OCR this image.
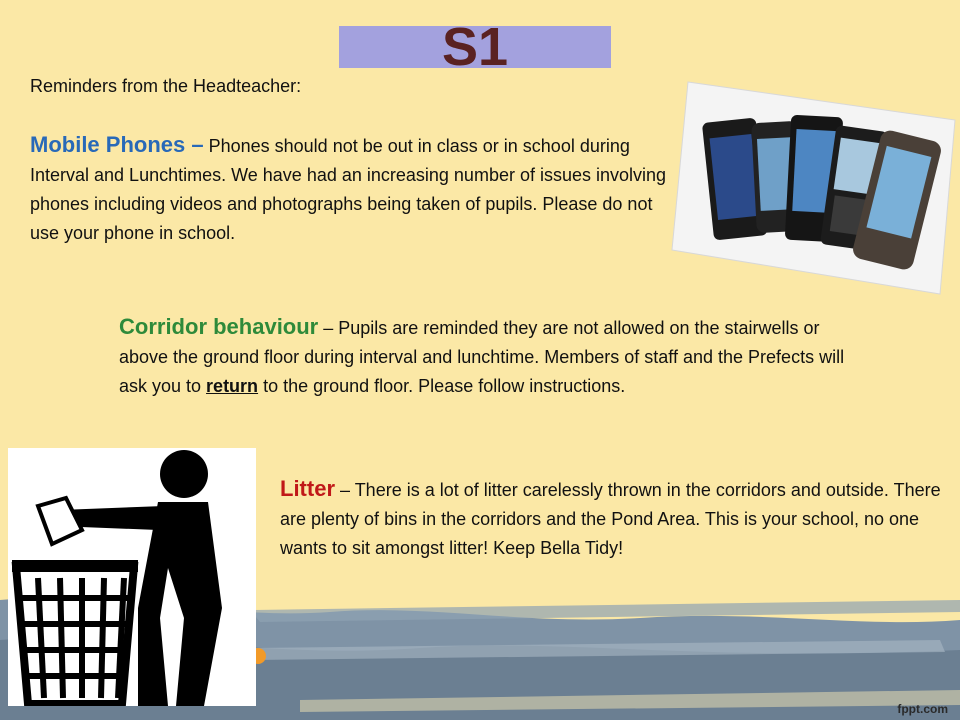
S1
Reminders from the Headteacher:
Mobile Phones – Phones should not be out in class or in school during Interval and Lunchtimes. We have had an increasing number of issues involving phones including videos and photographs being taken of pupils. Please do not use your phone in school.
Corridor behaviour – Pupils are reminded they are not allowed on the stairwells or above the ground floor during interval and lunchtime. Members of staff and the Prefects will ask you to return to the ground floor. Please follow instructions.
Litter – There is a lot of litter carelessly thrown in the corridors and outside. There are plenty of bins in the corridors and the Pond Area. This is your school, no one wants to sit amongst litter! Keep Bella Tidy!
fppt.com
